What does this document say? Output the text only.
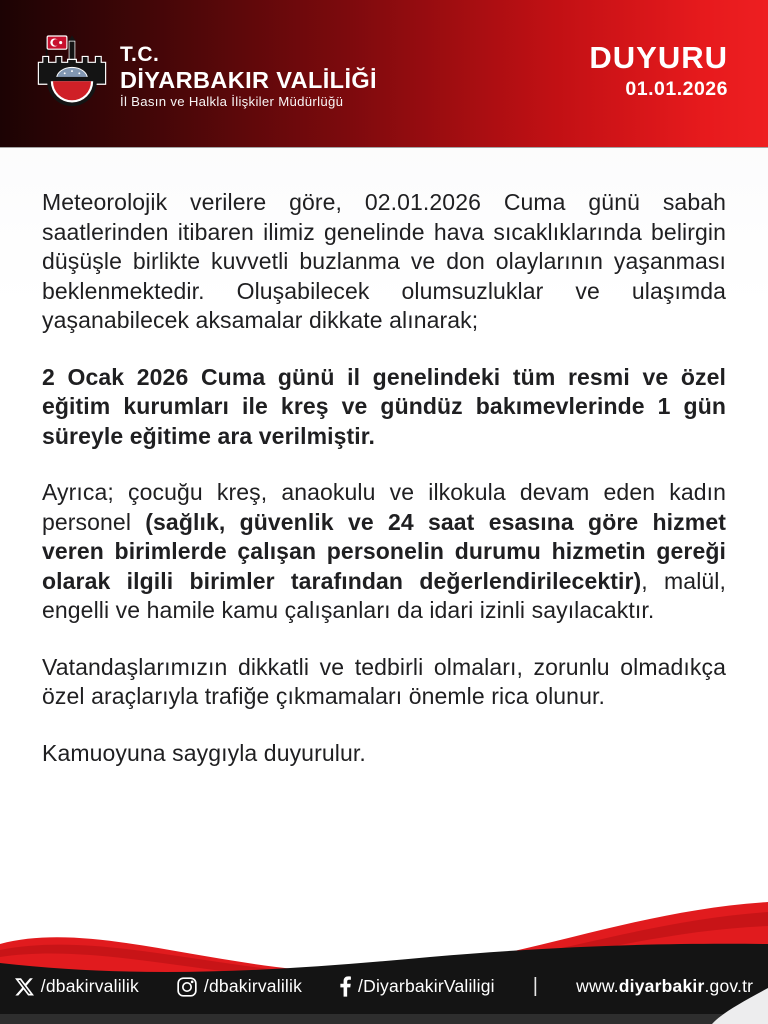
T.C.
DİYARBAKIR VALİLİĞİ
İl Basın ve Halkla İlişkiler Müdürlüğü
DUYURU
01.01.2026

Meteorolojik verilere göre, 02.01.2026 Cuma günü sabah saatlerinden itibaren ilimiz genelinde hava sıcaklıklarında belirgin düşüşle birlikte kuvvetli buzlanma ve don olaylarının yaşanması beklenmektedir. Oluşabilecek olumsuzluklar ve ulaşımda yaşanabilecek aksamalar dikkate alınarak;

2 Ocak 2026 Cuma günü il genelindeki tüm resmi ve özel eğitim kurumları ile kreş ve gündüz bakımevlerinde 1 gün süreyle eğitime ara verilmiştir.

Ayrıca; çocuğu kreş, anaokulu ve ilkokula devam eden kadın personel (sağlık, güvenlik ve 24 saat esasına göre hizmet veren birimlerde çalışan personelin durumu hizmetin gereği olarak ilgili birimler tarafından değerlendirilecektir), malül, engelli ve hamile kamu çalışanları da idari izinli sayılacaktır.

Vatandaşlarımızın dikkatli ve tedbirli olmaları, zorunlu olmadıkça özel araçlarıyla trafiğe çıkmamaları önemle rica olunur.

Kamuoyuna saygıyla duyurulur.

/dbakirvalilik	/dbakirvalilik	/DiyarbakirValiligi | www.diyarbakir.gov.tr
